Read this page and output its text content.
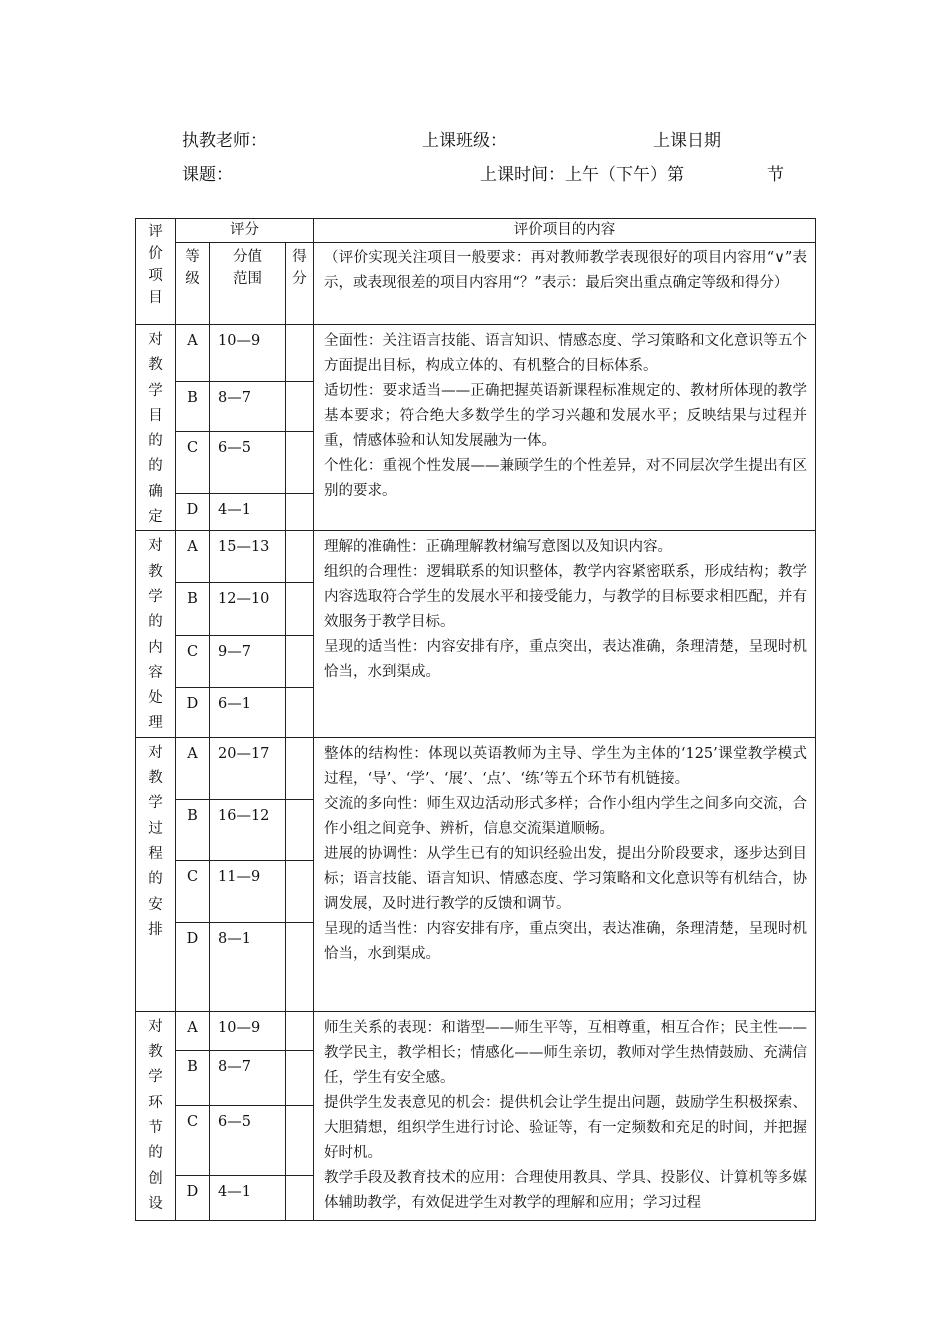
执教老师：	上课班级：	上课日期
课题：	上课时间：上午（下午）第	节
评价项目	评分			评价项目的内容

	等级	分值范围	得分	（评价实现关注项目一般要求：再对教师教学表现很好的项目内容用“∨”表示，或表现很差的项目内容用“？”表示：最后突出重点确定等级和得分）

对教学目的的确定	A	10—9		全面性：关注语言技能、语言知识、情感态度、学习策略和文化意识等五个方面提出目标，构成立体的、有机整合的目标体系。

适切性：要求适当——正确把握英语新课程标准规定的、教材所体现的教学基本要求；符合绝大多数学生的学习兴趣和发展水平；反映结果与过程并重，情感体验和认知发展融为一体。

个性化：重视个性发展——兼顾学生的个性差异，对不同层次学生提出有区别的要求。

	B	8—7		
	C	6—5		
	D	4—1		

对教学的内容处理	A	15—13		理解的准确性：正确理解教材编写意图以及知识内容。

组织的合理性：逻辑联系的知识整体，教学内容紧密联系，形成结构；教学内容选取符合学生的发展水平和接受能力，与教学的目标要求相匹配，并有效服务于教学目标。

呈现的适当性：内容安排有序，重点突出，表达准确，条理清楚，呈现时机恰当，水到渠成。

	B	12—10		
	C	9—7		
	D	6—1		

对教学过程的安排	A	20—17		整体的结构性：体现以英语教师为主导、学生为主体的‘125’课堂教学模式过程，‘导’、‘学’、‘展’、‘点’、‘练’等五个环节有机链接。

交流的多向性：师生双边活动形式多样；合作小组内学生之间多向交流，合作小组之间竞争、辨析，信息交流渠道顺畅。

进展的协调性：从学生已有的知识经验出发，提出分阶段要求，逐步达到目标；语言技能、语言知识、情感态度、学习策略和文化意识等有机结合，协调发展，及时进行教学的反馈和调节。

呈现的适当性：内容安排有序，重点突出，表达准确，条理清楚，呈现时机恰当，水到渠成。

	B	16—12		
	C	11—9		
	D	8—1		

对教学环节的创设	A	10—9		师生关系的表现：和谐型——师生平等，互相尊重，相互合作；民主性——教学民主，教学相长；情感化——师生亲切，教师对学生热情鼓励、充满信任，学生有安全感。

提供学生发表意见的机会：提供机会让学生提出问题，鼓励学生积极探索、大胆猜想，组织学生进行讨论、验证等，有一定频数和充足的时间，并把握好时机。

教学手段及教育技术的应用：合理使用教具、学具、投影仪、计算机等多媒体辅助教学，有效促进学生对教学的理解和应用；学习过程

	B	8—7		
	C	6—5		
	D	4—1		
